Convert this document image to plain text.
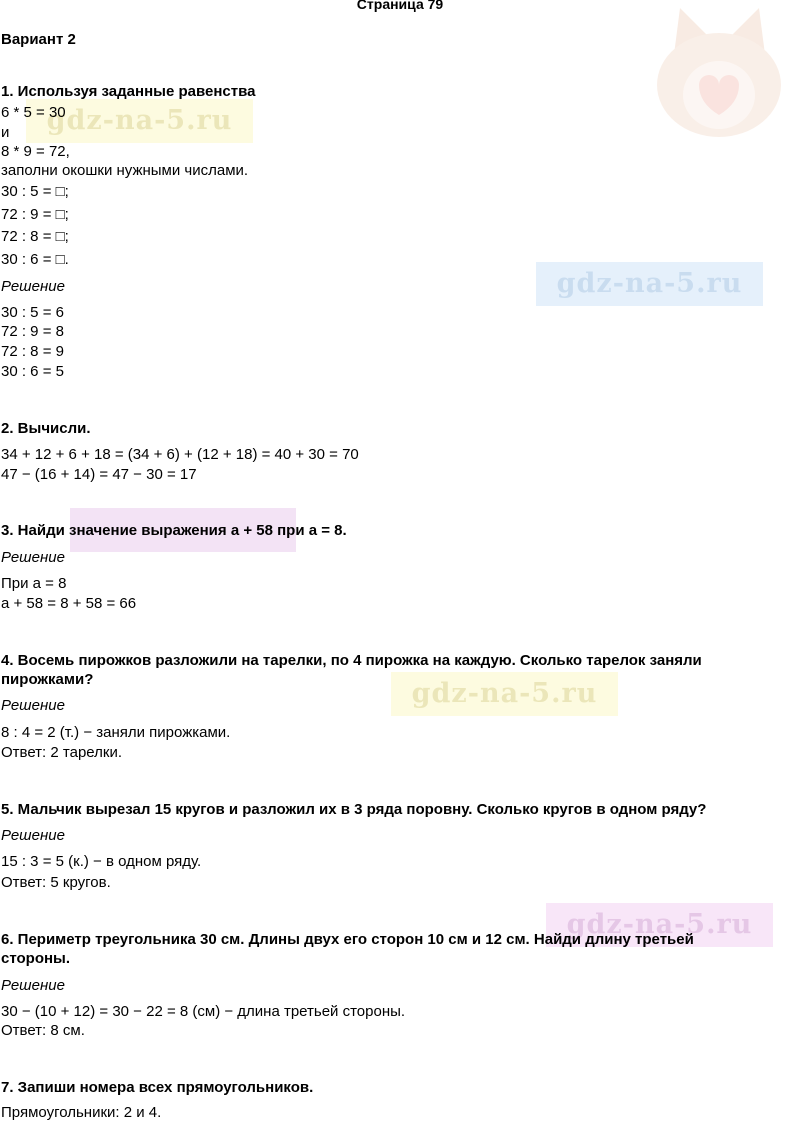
gdz-na-5.ru
gdz-na-5.ru
gdz-na-5.ru
gdz-na-5.ru
Страница 79
Вариант 2
1. Используя заданные равенства
6 * 5 = 30
и
8 * 9 = 72,
заполни окошки нужными числами.
30 : 5 = □;
72 : 9 = □;
72 : 8 = □;
30 : 6 = □.
Решение
30 : 5 = 6
72 : 9 = 8
72 : 8 = 9
30 : 6 = 5
2. Вычисли.
34 + 12 + 6 + 18 = (34 + 6) + (12 + 18) = 40 + 30 = 70
47 − (16 + 14) = 47 − 30 = 17
3. Найди значение выражения a + 58 при a = 8.
Решение
При a = 8
a + 58 = 8 + 58 = 66
4. Восемь пирожков разложили на тарелки, по 4 пирожка на каждую. Сколько тарелок заняли
пирожками?
Решение
8 : 4 = 2 (т.) − заняли пирожками.
Ответ: 2 тарелки.
5. Мальчик вырезал 15 кругов и разложил их в 3 ряда поровну. Сколько кругов в одном ряду?
Решение
15 : 3 = 5 (к.) − в одном ряду.
Ответ: 5 кругов.
6. Периметр треугольника 30 см. Длины двух его сторон 10 см и 12 см. Найди длину третьей
стороны.
Решение
30 − (10 + 12) = 30 − 22 = 8 (см) − длина третьей стороны.
Ответ: 8 см.
7. Запиши номера всех прямоугольников.
Прямоугольники: 2 и 4.
